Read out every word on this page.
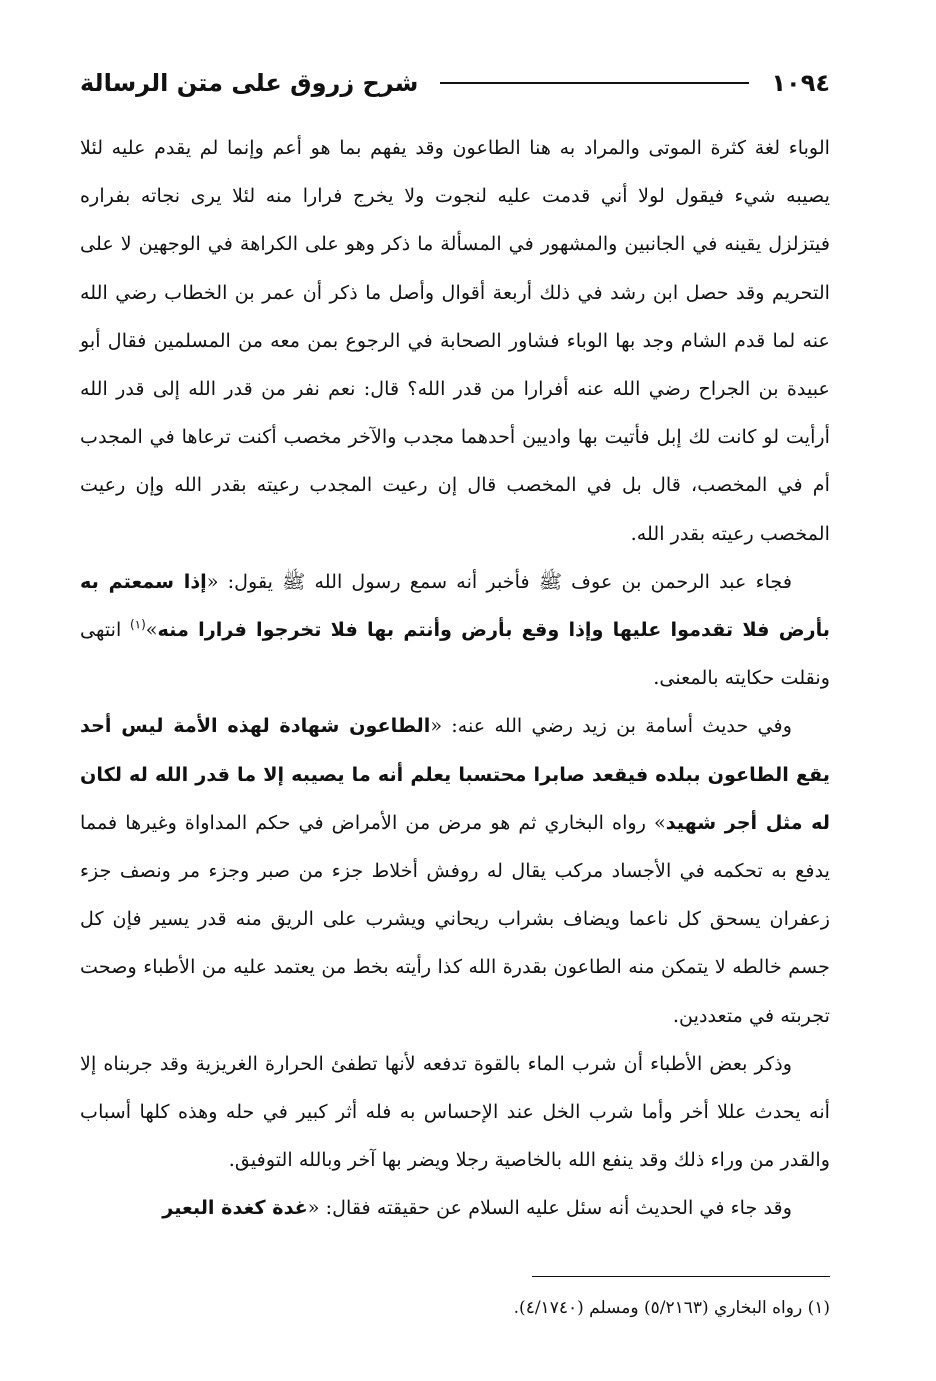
١٠٩٤
شرح زروق على متن الرسالة

الوباء لغة كثرة الموتى والمراد به هنا الطاعون وقد يفهم بما هو أعم وإنما لم يقدم عليه لئلا يصيبه شيء فيقول لولا أني قدمت عليه لنجوت ولا يخرج فرارا منه لئلا يرى نجاته بفراره فيتزلزل يقينه في الجانبين والمشهور في المسألة ما ذكر وهو على الكراهة في الوجهين لا على التحريم وقد حصل ابن رشد في ذلك أربعة أقوال وأصل ما ذكر أن عمر بن الخطاب رضي الله عنه لما قدم الشام وجد بها الوباء فشاور الصحابة في الرجوع بمن معه من المسلمين فقال أبو عبيدة بن الجراح رضي الله عنه أفرارا من قدر الله؟ قال: نعم نفر من قدر الله إلى قدر الله أرأيت لو كانت لك إبل فأتيت بها واديين أحدهما مجدب والآخر مخصب أكنت ترعاها في المجدب أم في المخصب، قال بل في المخصب قال إن رعيت المجدب رعيته بقدر الله وإن رعيت المخصب رعيته بقدر الله.

فجاء عبد الرحمن بن عوف ﷺ فأخبر أنه سمع رسول الله ﷺ يقول: «إذا سمعتم به بأرض فلا تقدموا عليها وإذا وقع بأرض وأنتم بها فلا تخرجوا فرارا منه»$^{(١)}$ انتهى ونقلت حكايته بالمعنى.

وفي حديث أسامة بن زيد رضي الله عنه: «الطاعون شهادة لهذه الأمة ليس أحد يقع الطاعون ببلده فيقعد صابرا محتسبا يعلم أنه ما يصيبه إلا ما قدر الله له لكان له مثل أجر شهيد» رواه البخاري ثم هو مرض من الأمراض في حكم المداواة وغيرها فمما يدفع به تحكمه في الأجساد مركب يقال له روفش أخلاط جزء من صبر وجزء مر ونصف جزء زعفران يسحق كل ناعما ويضاف بشراب ريحاني ويشرب على الريق منه قدر يسير فإن كل جسم خالطه لا يتمكن منه الطاعون بقدرة الله كذا رأيته بخط من يعتمد عليه من الأطباء وصحت تجربته في متعددين.

وذكر بعض الأطباء أن شرب الماء بالقوة تدفعه لأنها تطفئ الحرارة الغريزية وقد جربناه إلا أنه يحدث عللا أخر وأما شرب الخل عند الإحساس به فله أثر كبير في حله وهذه كلها أسباب والقدر من وراء ذلك وقد ينفع الله بالخاصية رجلا ويضر بها آخر وبالله التوفيق.

وقد جاء في الحديث أنه سئل عليه السلام عن حقيقته فقال: «غدة كغدة البعير

(١) رواه البخاري (٥/٢١٦٣) ومسلم (٤/١٧٤٠).
